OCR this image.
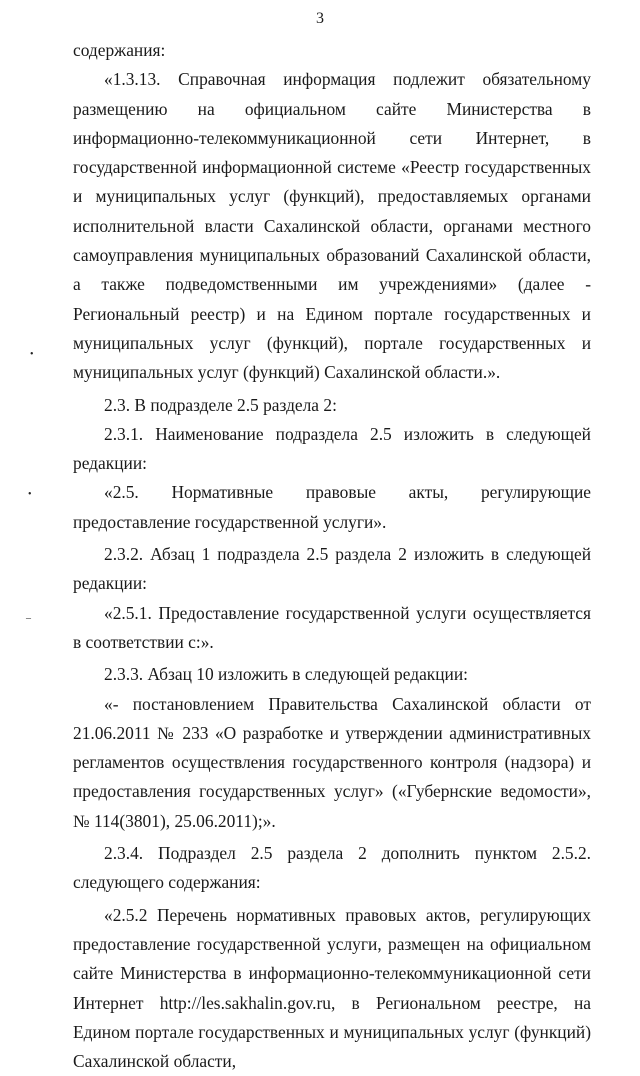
3

содержания:

«1.3.13. Справочная информация подлежит обязательному размещению на официальном сайте Министерства в информационно-телекоммуникационной сети Интернет, в государственной информационной системе «Реестр государственных и муниципальных услуг (функций), предоставляемых органами исполнительной власти Сахалинской области, органами местного самоуправления муниципальных образований Сахалинской области, а также подведомственными им учреждениями» (далее - Региональный реестр) и на Едином портале государственных и муниципальных услуг (функций), портале государственных и муниципальных услуг (функций) Сахалинской области.».

2.3. В подразделе 2.5 раздела 2:

2.3.1. Наименование подраздела 2.5 изложить в следующей редакции:

«2.5. Нормативные правовые акты, регулирующие предоставление государственной услуги».

2.3.2. Абзац 1 подраздела 2.5 раздела 2 изложить в следующей редакции:

«2.5.1. Предоставление государственной услуги осуществляется в соответствии с:».

2.3.3. Абзац 10 изложить в следующей редакции:

«- постановлением Правительства Сахалинской области от 21.06.2011 № 233 «О разработке и утверждении административных регламентов осуществления государственного контроля (надзора) и предоставления государственных услуг» («Губернские ведомости», № 114(3801), 25.06.2011);».

2.3.4. Подраздел 2.5 раздела 2 дополнить пунктом 2.5.2. следующего содержания:

«2.5.2 Перечень нормативных правовых актов, регулирующих предоставление государственной услуги, размещен на официальном сайте Министерства в информационно-телекоммуникационной сети Интернет http://les.sakhalin.gov.ru, в Региональном реестре, на Едином портале государственных и муниципальных услуг (функций) Сахалинской области,

•
•
–
